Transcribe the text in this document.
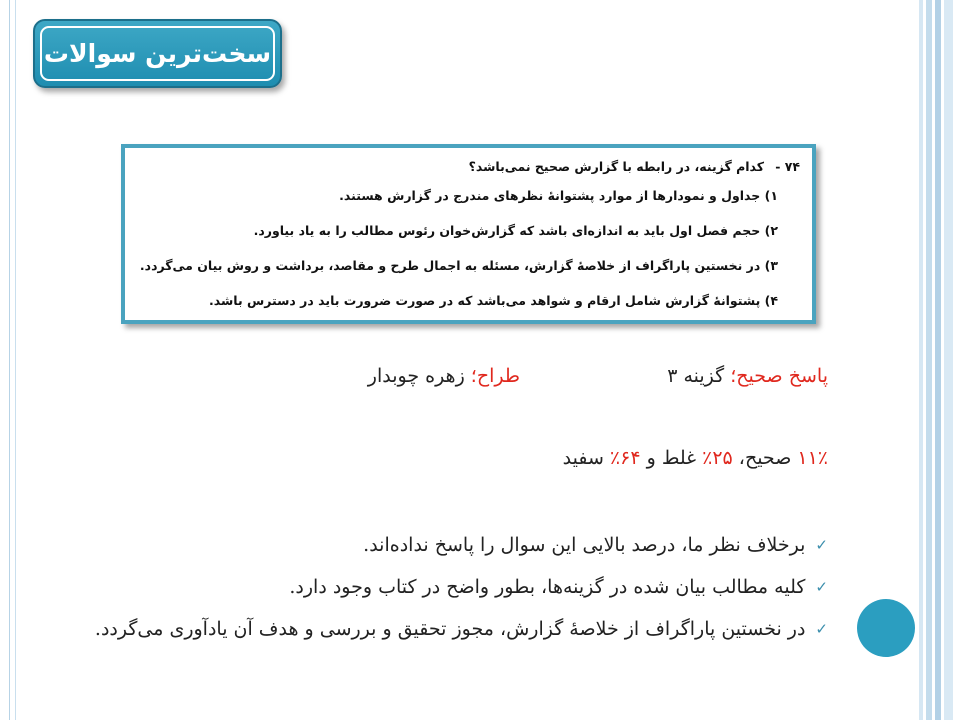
سخت‌ترین سوالات
۷۴ -
کدام گزینه، در رابطه با گزارش صحیح نمی‌باشد؟
۱) جداول و نمودارها از موارد پشتوانهٔ نظرهای مندرج در گزارش هستند.
۲) حجم فصل اول باید به اندازه‌ای باشد که گزارش‌خوان رئوس مطالب را به یاد بیاورد.
۳) در نخستین پاراگراف از خلاصهٔ گزارش، مسئله به اجمال طرح و مقاصد، برداشت و روش بیان می‌گردد.
۴) پشتوانهٔ گزارش شامل ارقام و شواهد می‌باشد که در صورت ضرورت باید در دسترس باشد.
پاسخ صحیح؛ گزینه ۳
طراح؛ زهره چوبدار
۱۱٪ صحیح، ۲۵٪ غلط و ۶۴٪ سفید
✓
برخلاف نظر ما، درصد بالایی این سوال را پاسخ نداده‌اند.
✓
کلیه مطالب بیان شده در گزینه‌ها، بطور واضح در کتاب وجود دارد.
✓
در نخستین پاراگراف از خلاصهٔ گزارش، مجوز تحقیق و بررسی و هدف آن یادآوری می‌گردد.
